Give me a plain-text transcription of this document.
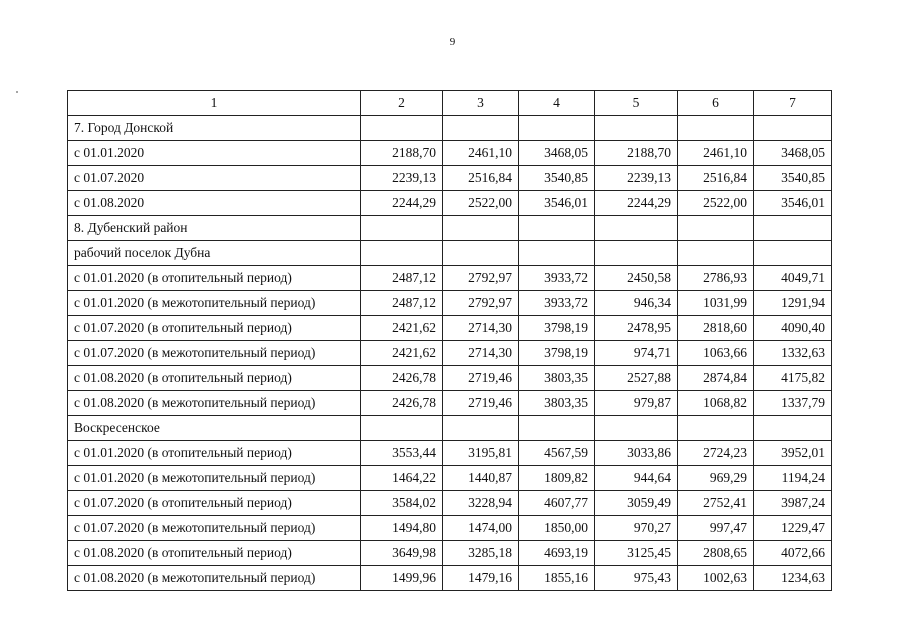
9
1	2	3	4	5	6	7
7. Город Донской						
с 01.01.2020	2188,70	2461,10	3468,05	2188,70	2461,10	3468,05
с 01.07.2020	2239,13	2516,84	3540,85	2239,13	2516,84	3540,85
с 01.08.2020	2244,29	2522,00	3546,01	2244,29	2522,00	3546,01
8. Дубенский район						
рабочий поселок Дубна						
с 01.01.2020 (в отопительный период)	2487,12	2792,97	3933,72	2450,58	2786,93	4049,71
с 01.01.2020 (в межотопительный период)	2487,12	2792,97	3933,72	946,34	1031,99	1291,94
с 01.07.2020 (в отопительный период)	2421,62	2714,30	3798,19	2478,95	2818,60	4090,40
с 01.07.2020 (в межотопительный период)	2421,62	2714,30	3798,19	974,71	1063,66	1332,63
с 01.08.2020 (в отопительный период)	2426,78	2719,46	3803,35	2527,88	2874,84	4175,82
с 01.08.2020 (в межотопительный период)	2426,78	2719,46	3803,35	979,87	1068,82	1337,79
Воскресенское						
с 01.01.2020 (в отопительный период)	3553,44	3195,81	4567,59	3033,86	2724,23	3952,01
с 01.01.2020 (в межотопительный период)	1464,22	1440,87	1809,82	944,64	969,29	1194,24
с 01.07.2020 (в отопительный период)	3584,02	3228,94	4607,77	3059,49	2752,41	3987,24
с 01.07.2020 (в межотопительный период)	1494,80	1474,00	1850,00	970,27	997,47	1229,47
с 01.08.2020 (в отопительный период)	3649,98	3285,18	4693,19	3125,45	2808,65	4072,66
с 01.08.2020 (в межотопительный период)	1499,96	1479,16	1855,16	975,43	1002,63	1234,63
